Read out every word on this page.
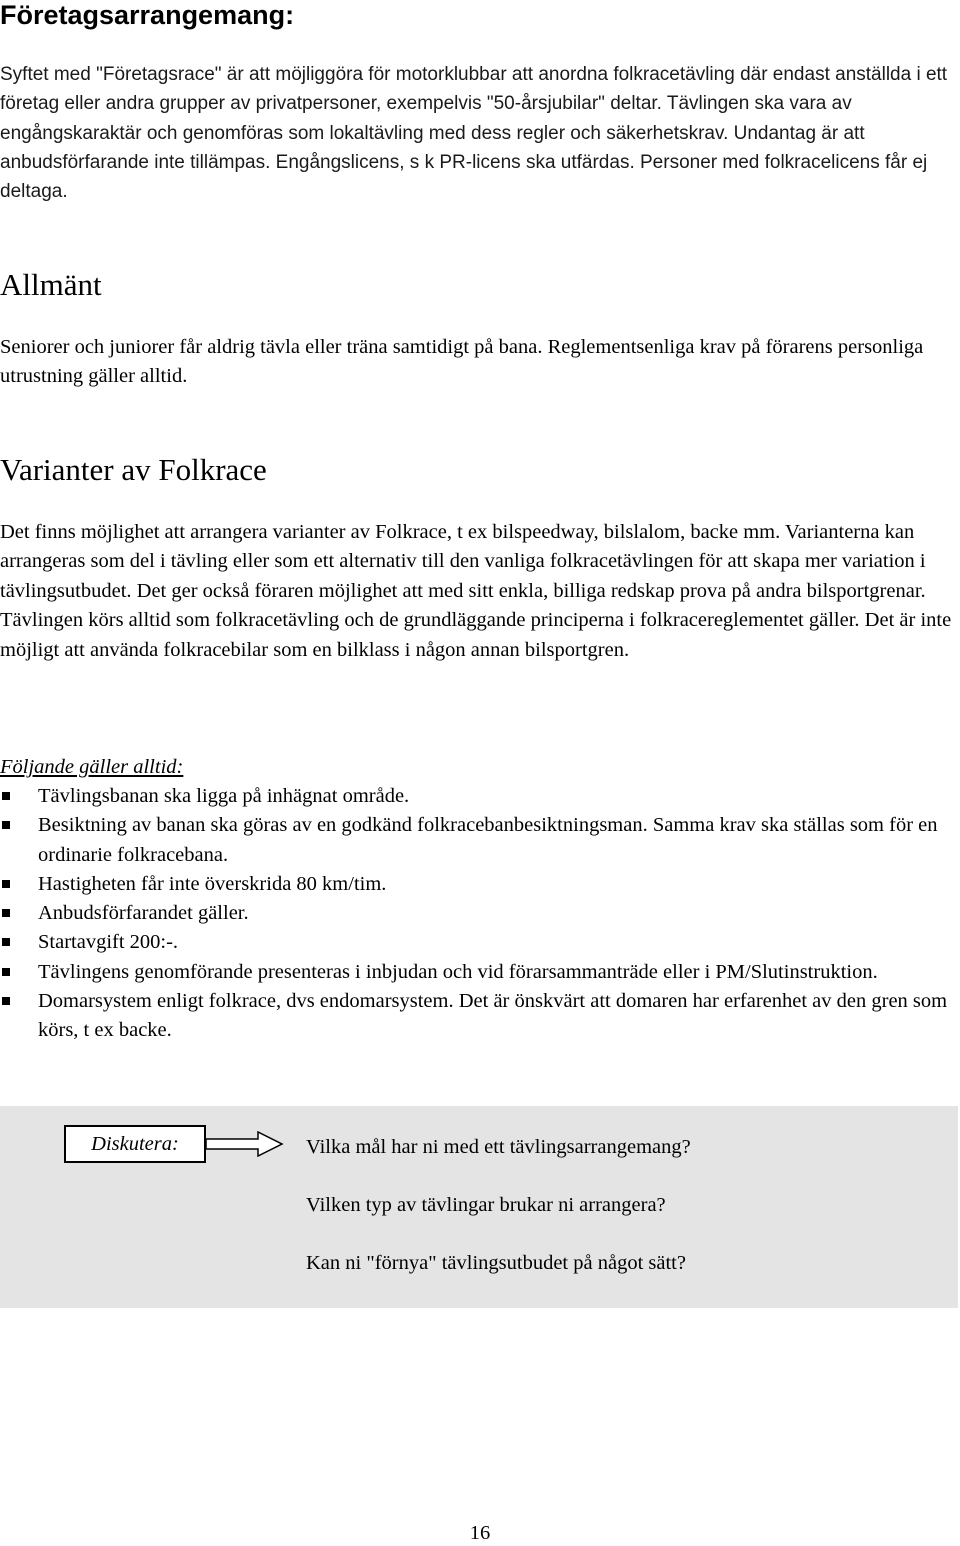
Företagsarrangemang:

Syftet med "Företagsrace" är att möjliggöra för motorklubbar att anordna folkracetävling där endast anställda i ett företag eller andra grupper av privatpersoner, exempelvis "50-årsjubilar" deltar. Tävlingen ska vara av engångskaraktär och genomföras som lokaltävling med dess regler och säkerhetskrav. Undantag är att anbudsförfarande inte tillämpas. Engångslicens, s k PR-licens ska utfärdas. Personer med folkracelicens får ej deltaga.

Allmänt

Seniorer och juniorer får aldrig tävla eller träna samtidigt på bana. Reglementsenliga krav på förarens personliga utrustning gäller alltid.

Varianter av Folkrace

Det finns möjlighet att arrangera varianter av Folkrace, t ex bilspeedway, bilslalom, backe mm. Varianterna kan arrangeras som del i tävling eller som ett alternativ till den vanliga folkracetävlingen för att skapa mer variation i tävlingsutbudet. Det ger också föraren möjlighet att med sitt enkla, billiga redskap prova på andra bilsportgrenar. Tävlingen körs alltid som folkracetävling och de grundläggande principerna i folkracereglementet gäller. Det är inte möjligt att använda folkracebilar som en bilklass i någon annan bilsportgren.

Följande gäller alltid:

Tävlingsbanan ska ligga på inhägnat område.
Besiktning av banan ska göras av en godkänd folkracebanbesiktningsman. Samma krav ska ställas som för en ordinarie folkracebana.
Hastigheten får inte överskrida 80 km/tim.
Anbudsförfarandet gäller.
Startavgift 200:-.
Tävlingens genomförande presenteras i inbjudan och vid förarsammanträde eller i PM/Slutinstruktion.
Domarsystem enligt folkrace, dvs endomarsystem. Det är önskvärt att domaren har erfarenhet av den gren som körs, t ex backe.
Diskutera:	Vilka mål har ni med ett tävlingsarrangemang?

Vilken typ av tävlingar brukar ni arrangera?

Kan ni "förnya" tävlingsutbudet på något sätt?

16
